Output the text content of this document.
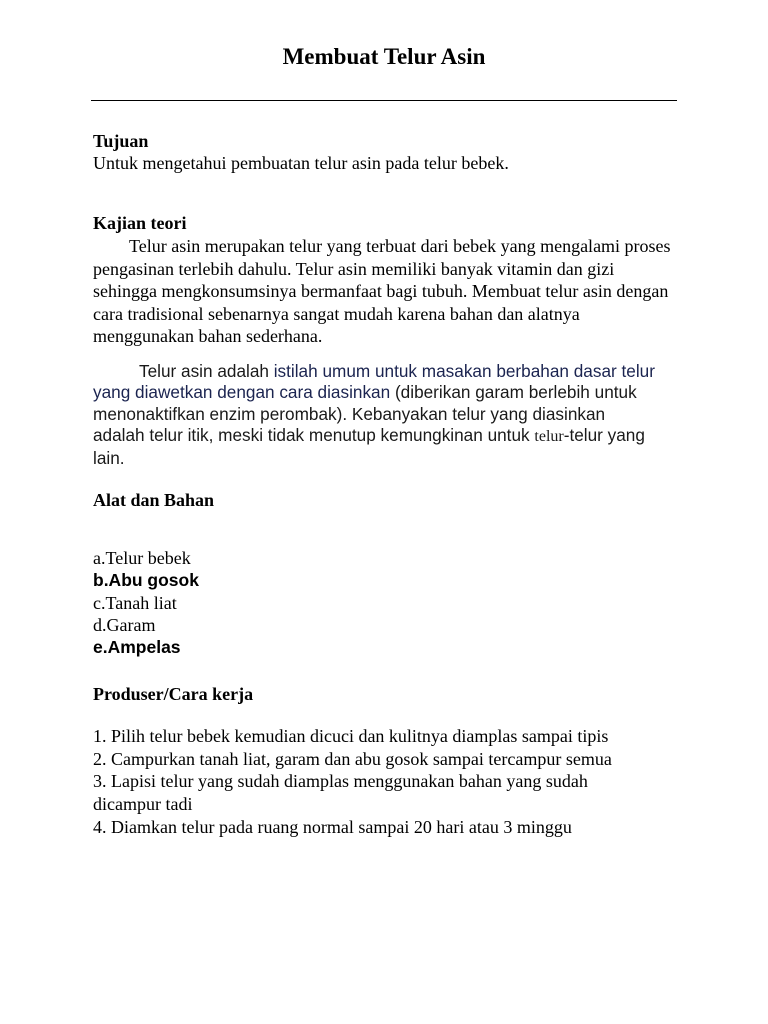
Membuat Telur Asin

Tujuan

Untuk mengetahui pembuatan telur asin pada telur bebek.

Kajian teori

Telur asin merupakan telur yang terbuat dari bebek yang mengalami proses pengasinan terlebih dahulu. Telur asin memiliki banyak vitamin dan gizi sehingga mengkonsumsinya bermanfaat bagi tubuh. Membuat telur asin dengan cara tradisional sebenarnya sangat mudah karena bahan dan alatnya menggunakan bahan sederhana.

Telur asin adalah istilah umum untuk masakan berbahan dasar telur yang diawetkan dengan cara diasinkan (diberikan garam berlebih untuk menonaktifkan enzim perombak). Kebanyakan telur yang diasinkan adalah telur itik, meski tidak menutup kemungkinan untuk telur-telur yang lain.

Alat dan Bahan

a.Telur bebek

b.Abu gosok

c.Tanah liat

d.Garam

e.Ampelas

Produser/Cara kerja

1. Pilih telur bebek kemudian dicuci dan kulitnya diamplas sampai tipis

2. Campurkan tanah liat, garam dan abu gosok sampai tercampur semua

3. Lapisi telur yang sudah diamplas menggunakan bahan yang sudah dicampur tadi

4. Diamkan telur pada ruang normal sampai 20 hari atau 3 minggu
